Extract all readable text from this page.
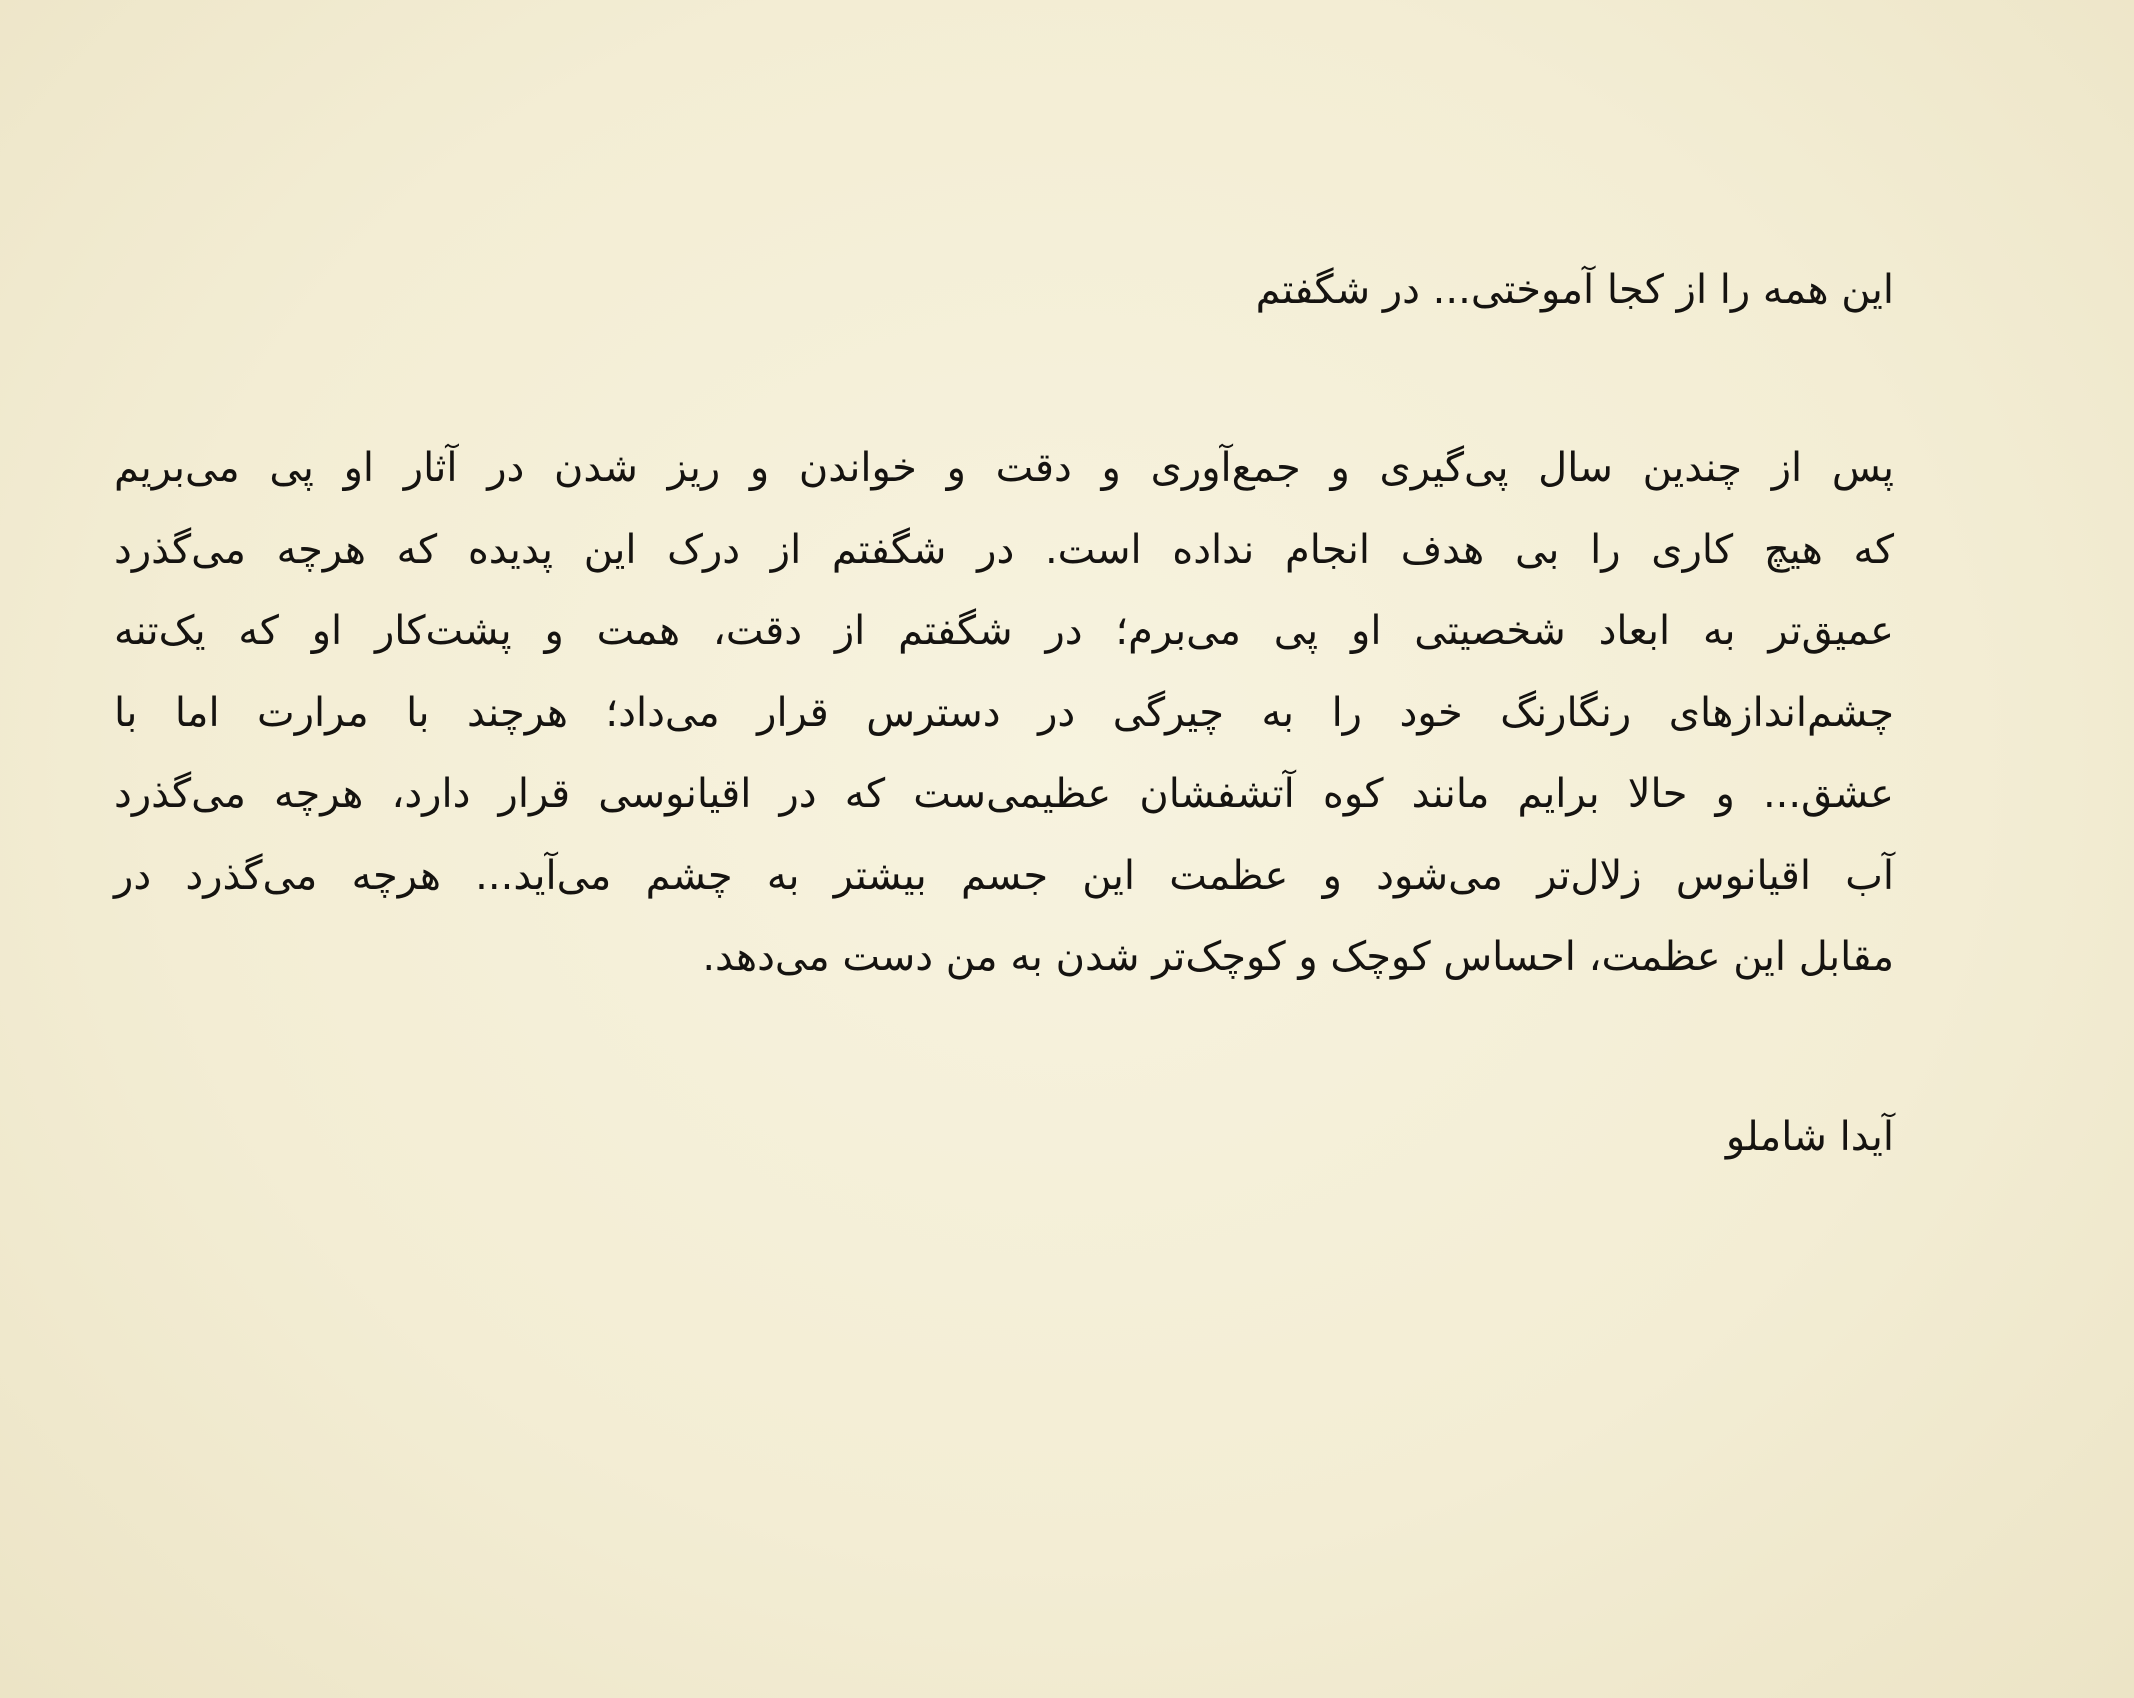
این همه را از کجا آموختی... در شگفتم

پس از چندین سال پی‌گیری و جمع‌آوری و دقت و خواندن و ریز شدن در آثار او پی می‌بریم
که هیچ کاری را بی هدف انجام نداده است. در شگفتم از درک این پدیده که هرچه می‌گذرد
عمیق‌تر به ابعاد شخصیتی او پی می‌برم؛ در شگفتم از دقت، همت و پشت‌کار او که یک‌تنه
چشم‌اندازهای رنگارنگ خود را به چیرگی در دسترس قرار می‌داد؛ هرچند با مرارت اما با
عشق... و حالا برایم مانند کوه آتشفشان عظیمی‌ست که در اقیانوسی قرار دارد، هرچه می‌گذرد
آب اقیانوس زلال‌تر می‌شود و عظمت این جسم بیشتر به چشم می‌آید... هرچه می‌گذرد در
مقابل این عظمت، احساس کوچک و کوچک‌تر شدن به من دست می‌دهد.
آیدا شاملو
